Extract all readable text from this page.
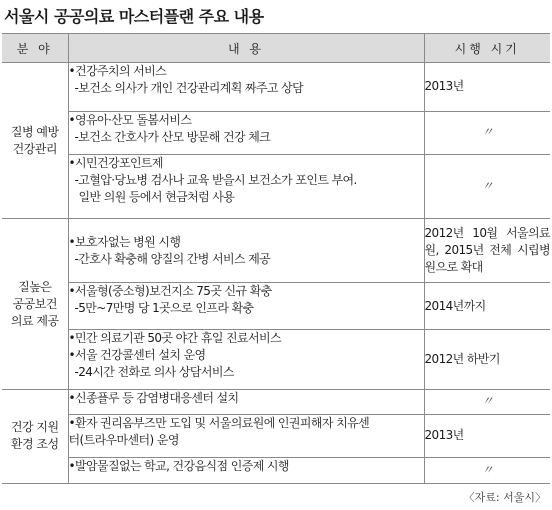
서울시 공공의료 마스터플랜 주요 내용
분 야	내 용	시행 시기

질병 예방
건강관리	•건강주치의 서비스
-보건소 의사가 개인 건강관리계획 짜주고 상담	2013년

	•영유아·산모 돌봄서비스
-보건소 간호사가 산모 방문해 건강 체크	〃

	•시민건강포인트제
-고혈압·당뇨병 검사나 교육 받을시 보건소가 포인트 부여.
일반 의원 등에서 현금처럼 사용	〃

질높은
공공보건
의료 제공	•보호자없는 병원 시행
-간호사 확충해 양질의 간병 서비스 제공	2012년 10월 서울의료원, 2015년 전체 시립병원으로 확대

	•서울형(중소형)보건지소 75곳 신규 확충
-5만~7만명 당 1곳으로 인프라 확충	2014년까지

	•민간 의료기관 50곳 야간 휴일 진료서비스
•서울 건강콜센터 설치 운영
-24시간 전화로 의사 상담서비스	2012년 하반기

건강 지원
환경 조성	•신종플루 등 감염병대응센터 설치	〃

	•환자 권리옴부즈만 도입 및 서울의료원에 인권피해자 치유센
터(트라우마센터) 운영	2013년

	•발암물질없는 학교, 건강음식점 인증제 시행	〃
〈자료: 서울시〉
